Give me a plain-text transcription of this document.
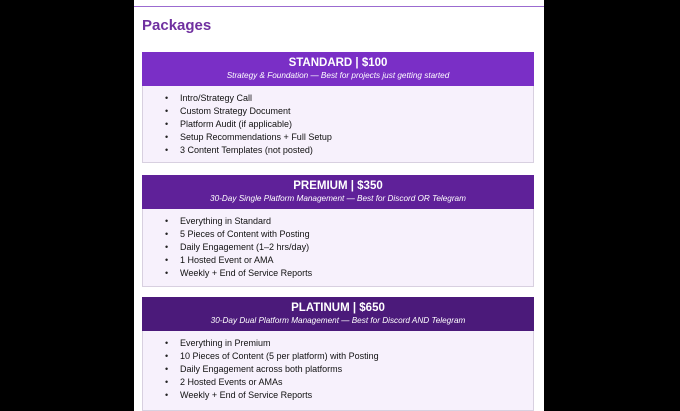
Packages
STANDARD | $100
Strategy & Foundation — Best for projects just getting started
• Intro/Strategy Call
• Custom Strategy Document
• Platform Audit (if applicable)
• Setup Recommendations + Full Setup
• 3 Content Templates (not posted)
PREMIUM | $350
30-Day Single Platform Management — Best for Discord OR Telegram
• Everything in Standard
• 5 Pieces of Content with Posting
• Daily Engagement (1–2 hrs/day)
• 1 Hosted Event or AMA
• Weekly + End of Service Reports
PLATINUM | $650
30-Day Dual Platform Management — Best for Discord AND Telegram
• Everything in Premium
• 10 Pieces of Content (5 per platform) with Posting
• Daily Engagement across both platforms
• 2 Hosted Events or AMAs
• Weekly + End of Service Reports
